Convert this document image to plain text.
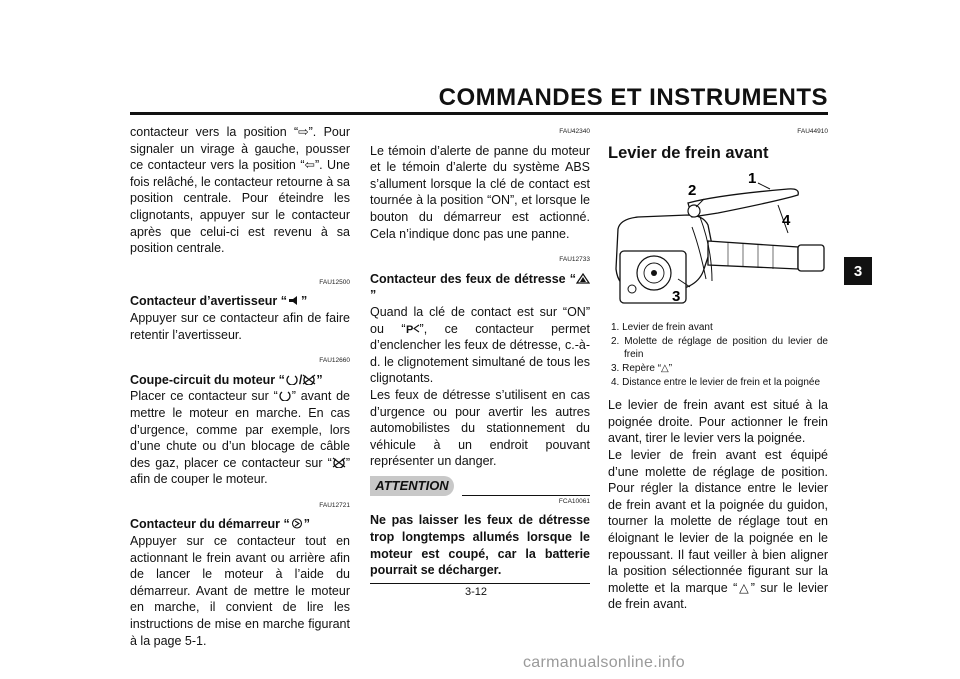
COMMANDES ET INSTRUMENTS
3

contacteur vers la position “⇨”. Pour signaler un virage à gauche, pousser ce contacteur vers la position “⇦”. Une fois relâché, le contacteur retourne à sa position centrale. Pour éteindre les clignotants, appuyer sur le contacteur après que celui-ci est revenu à sa position centrale.

FAU12500

Contacteur d’avertisseur “ ”

Appuyer sur ce contacteur afin de faire retentir l’avertisseur.

FAU12660

Coupe-circuit du moteur “ / ”

Placer ce contacteur sur “ ” avant de mettre le moteur en marche. En cas d’urgence, comme par exemple, lors d’une chute ou d’un blocage de câble des gaz, placer ce contacteur sur “ ” afin de couper le moteur.

FAU12721

Contacteur du démarreur “ ”

Appuyer sur ce contacteur tout en actionnant le frein avant ou arrière afin de lancer le moteur à l’aide du démarreur. Avant de mettre le moteur en marche, il convient de lire les instructions de mise en marche figurant à la page 5-1.

FAU42340

Le témoin d’alerte de panne du moteur et le témoin d’alerte du système ABS s’allument lorsque la clé de contact est tournée à la position “ON”, et lorsque le bouton du démarreur est actionné. Cela n’indique donc pas une panne.

FAU12733

Contacteur des feux de détresse “”

Quand la clé de contact est sur “ON” ou “ P ”, ce contacteur permet d’enclencher les feux de détresse, c.-à-d. le clignotement simultané de tous les clignotants.

Les feux de détresse s’utilisent en cas d’urgence ou pour avertir les autres automobilistes du stationnement du véhicule à un endroit pouvant représenter un danger.

ATTENTION
FCA10061

Ne pas laisser les feux de détresse trop longtemps allumés lorsque le moteur est coupé, car la batterie pourrait se décharger.

FAU44910
Levier de frein avant
1
2
4
3

1. Levier de frein avant

2. Molette de réglage de position du levier de frein

3. Repère “△”

4. Distance entre le levier de frein et la poignée

Le levier de frein avant est situé à la poignée droite. Pour actionner le frein avant, tirer le levier vers la poignée.

Le levier de frein avant est équipé d’une molette de réglage de position. Pour régler la distance entre le levier de frein avant et la poignée du guidon, tourner la molette de réglage tout en éloignant le levier de la poignée en le repoussant. Il faut veiller à bien aligner la position sélectionnée figurant sur la molette et la marque “△” sur le levier de frein avant.

3-12
carmanualsonline.info
